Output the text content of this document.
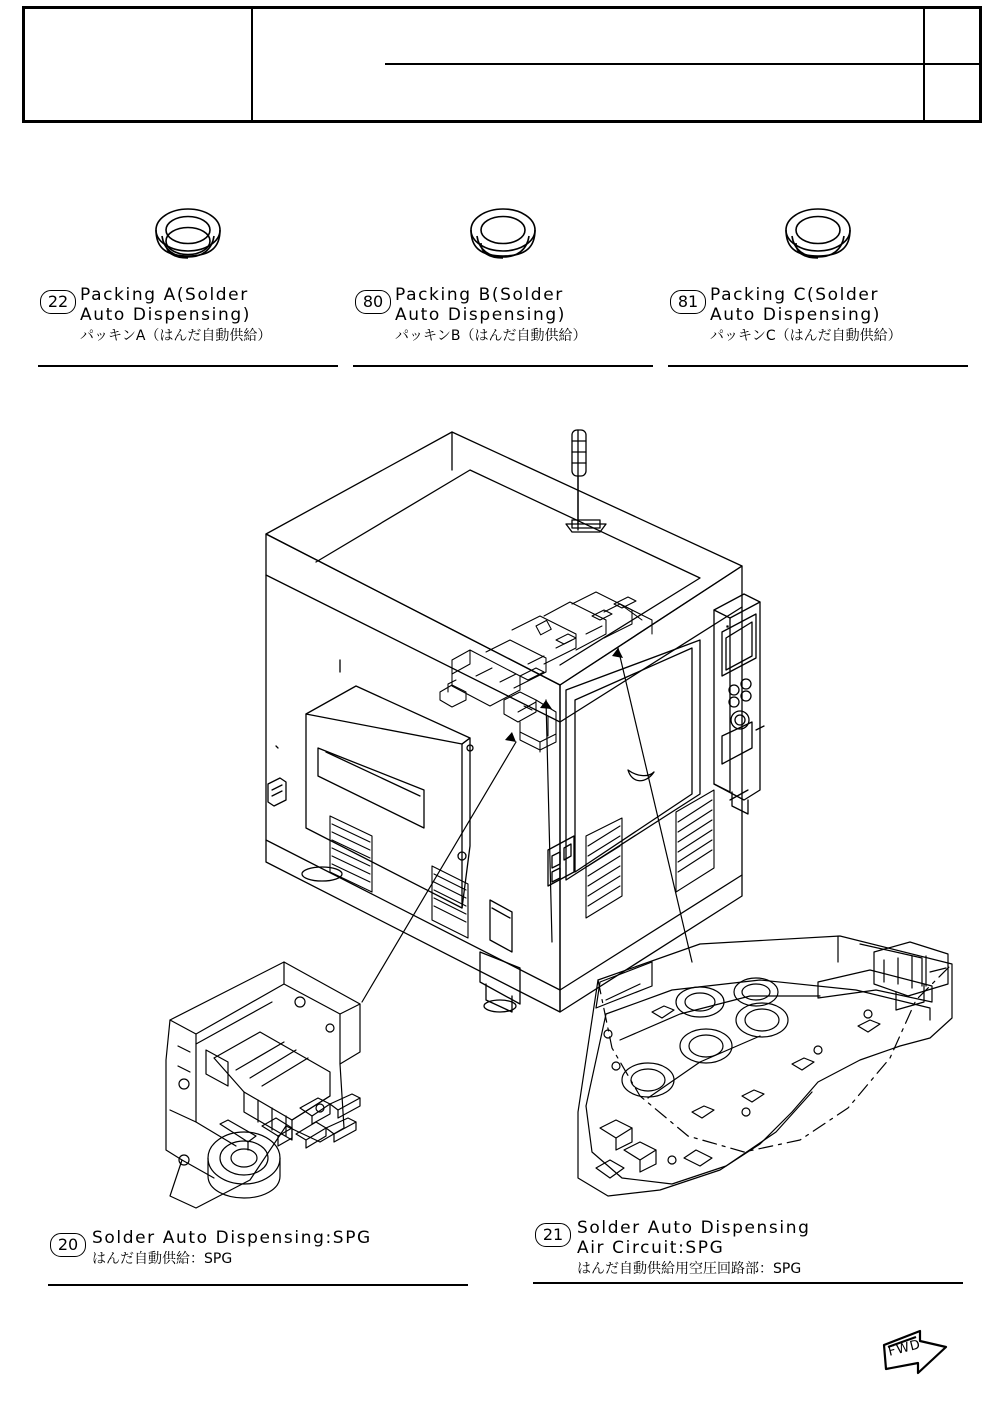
22 Packing A(Solder
Auto Dispensing)
パッキンA（はんだ自動供給）
80 Packing B(Solder
Auto Dispensing)
パッキンB（はんだ自動供給）
81 Packing C(Solder
Auto Dispensing)
パッキンC（はんだ自動供給）
20 Solder Auto Dispensing:SPG
はんだ自動供給：SPG
21 Solder Auto Dispensing
Air Circuit:SPG
はんだ自動供給用空圧回路部：SPG
FWD
